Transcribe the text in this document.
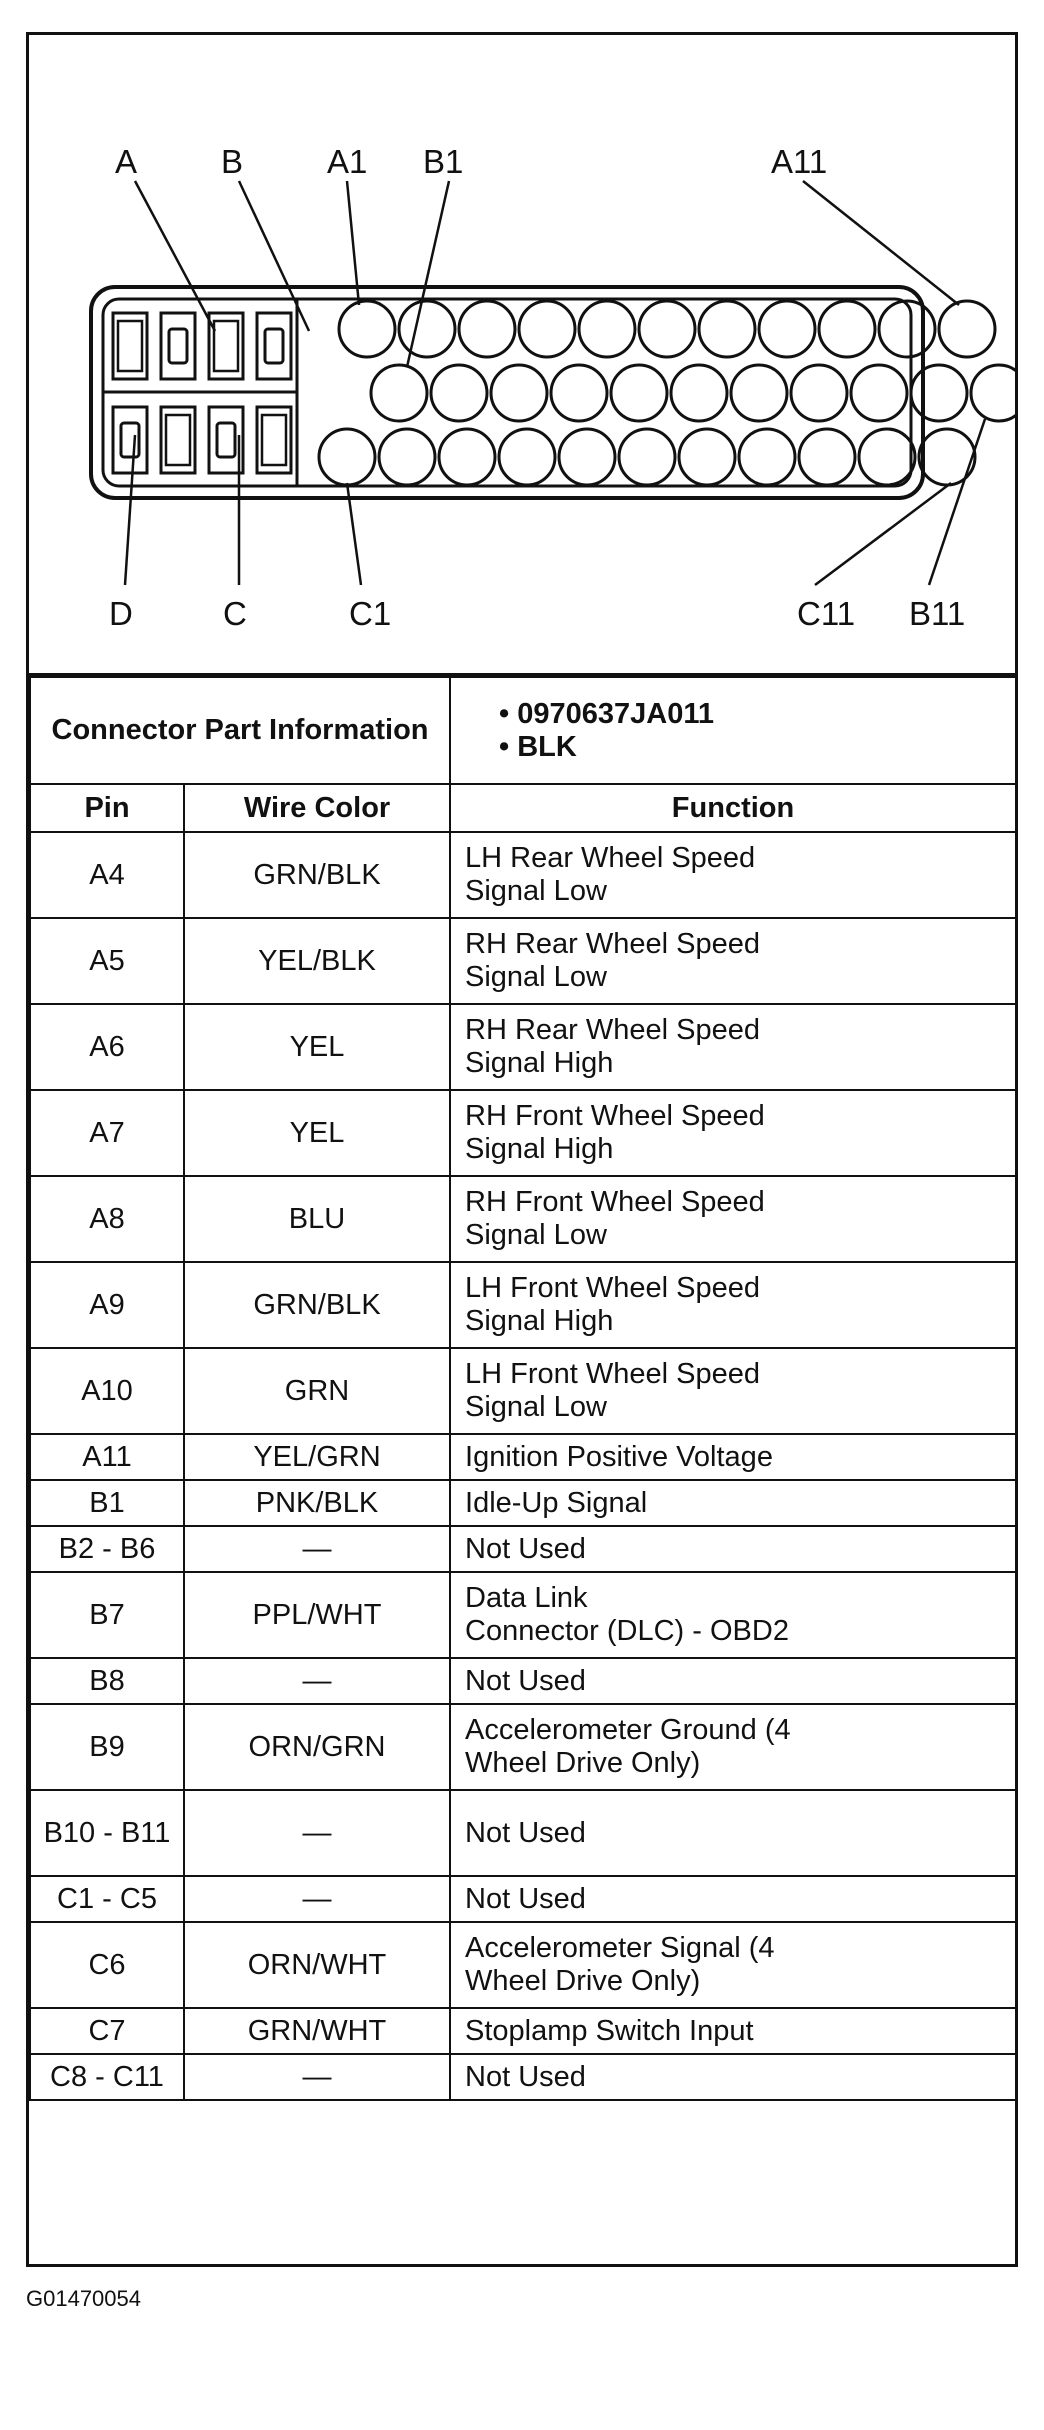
A	B	A1 B1	A11
D	C	C1	C11 B11
Connector Part Information		• 0970637JA011
• BLK

Pin	Wire Color	Function
A4	GRN/BLK	LH Rear Wheel Speed
Signal Low

A5	YEL/BLK	RH Rear Wheel Speed
Signal Low

A6	YEL	RH Rear Wheel Speed
Signal High

A7	YEL	RH Front Wheel Speed
Signal High

A8	BLU	RH Front Wheel Speed
Signal Low

A9	GRN/BLK	LH Front Wheel Speed
Signal High

A10	GRN	LH Front Wheel Speed
Signal Low

A11	YEL/GRN	Ignition Positive Voltage

B1	PNK/BLK	Idle-Up Signal

B2 - B6	—	Not Used

B7	PPL/WHT	Data Link
Connector (DLC) - OBD2

B8	—	Not Used

B9	ORN/GRN	Accelerometer Ground (4
Wheel Drive Only)

B10 - B11	—	Not Used

C1 - C5	—	Not Used

C6	ORN/WHT	Accelerometer Signal (4
Wheel Drive Only)

C7	GRN/WHT	Stoplamp Switch Input

C8 - C11	—	Not Used
G01470054
